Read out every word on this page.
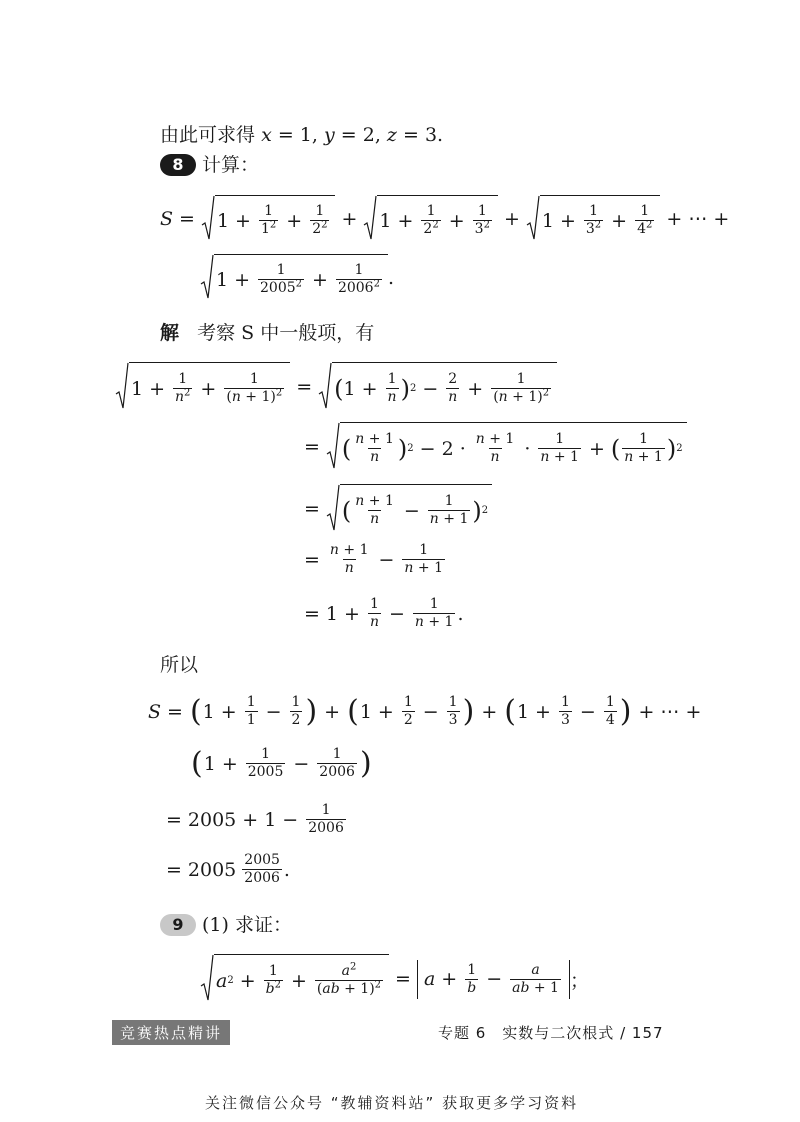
由此可求得 x = 1, y = 2, z = 3.
8 计算：
$S = 1 + \frac{1}{1^2} + \frac{1}{2^2} + 1 + \frac{1}{2^2} + \frac{1}{3^2} + 1 + \frac{1}{3^2} + \frac{1}{4^2}$ + ⋯ +
$1 + \frac{1}{2005^2} + \frac{1}{2006^2}$ .
解 考察 S 中一般项，有
$1 + \frac{1}{n^2} + \frac{1}{(n + 1)^2}$ = ( $1 + \frac{1}{n}$ ) $2 - \frac{2}{n} + \frac{1}{(n + 1)^2}$
= ( $\frac{n + 1}{n}$ ) $2 - 2 \cdot \frac{n + 1}{n} \cdot \frac{1}{n + 1}$ + ( $\frac{1}{n + 1}$ ) 2
= ( $\frac{n + 1}{n} - \frac{1}{n + 1}$ ) 2
= $\frac{n + 1}{n} - \frac{1}{n + 1}$
= $1 + \frac{1}{n} - \frac{1}{n + 1}$ .
所以
S = ( $1 + \frac{1}{1} - \frac{1}{2}$ ) + ( $1 + \frac{1}{2} - \frac{1}{3}$ ) + ( $1 + \frac{1}{3} - \frac{1}{4}$ ) + ⋯ +
( $1 + \frac{1}{2005} - \frac{1}{2006}$ )
= $2005 + 1 - \frac{1}{2006}$
= $2005 \frac{2005}{2006}$ .
9 (1) 求证：
a $2 + \frac{1}{b^2} + \frac{a^2}{(ab + 1)^2} = a + \frac{1}{b} - \frac{a}{ab + 1}$ ；
竞赛热点精讲	专题 6　实数与二次根式 / 157
关注微信公众号 “教辅资料站” 获取更多学习资料
